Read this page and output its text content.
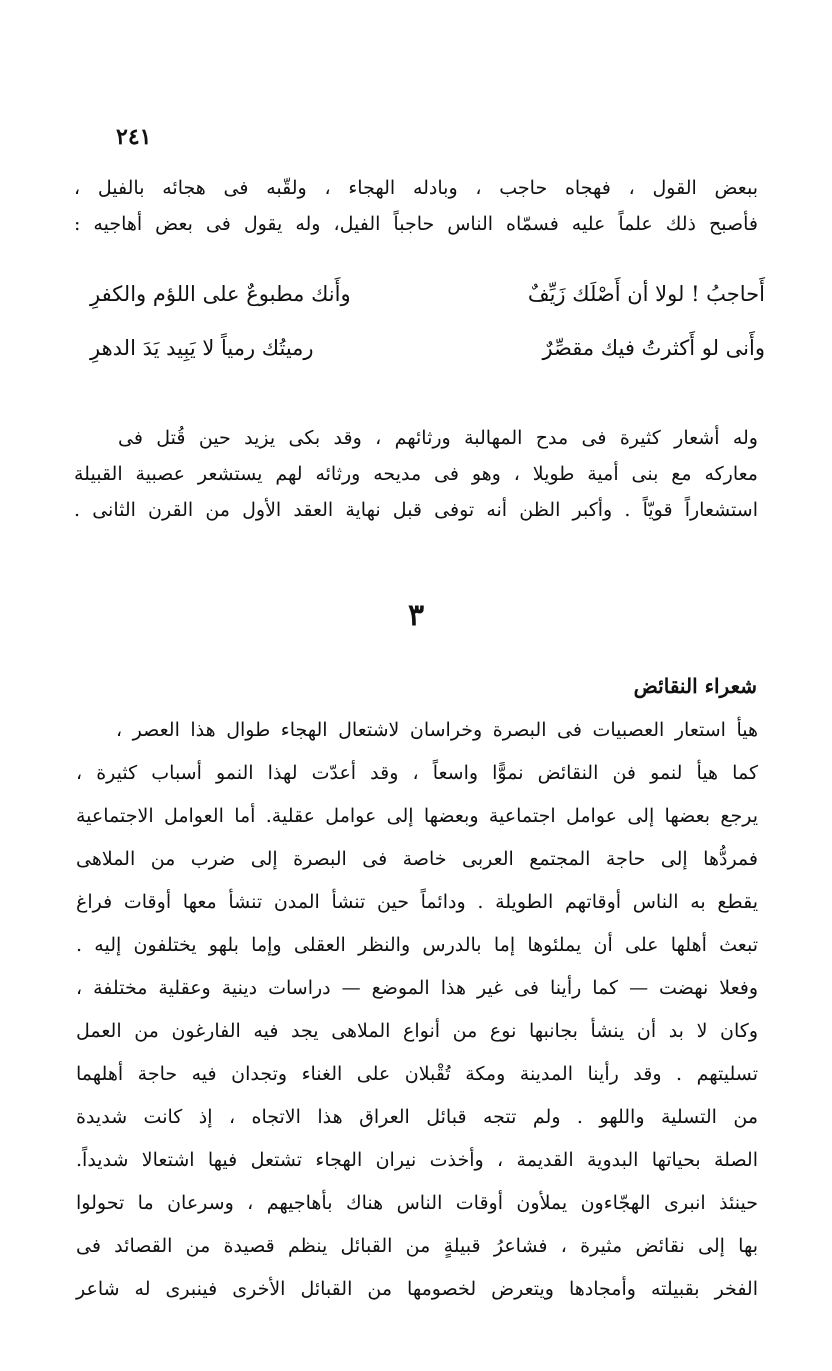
٢٤١
ببعض القول ، فهجاه حاجب ، وبادله الهجاء ، ولقّبه فى هجائه بالفيل ،
فأصبح ذلك علماً عليه فسمّاه الناس حاجباً الفيل، وله يقول فى بعض أهاجيه :
أَحاجبُ ! لولا أن أَصْلَك زَيِّفٌ
وأَنك مطبوعٌ على اللؤم والكفرِ
وأَنى لو أَكثرتُ فيك مقصِّرٌ
رميتُك رمياً لا يَبِيد يَدَ الدهرِ
وله أشعار كثيرة فى مدح المهالبة ورثائهم ، وقد بكى يزيد حين قُتل فى
معاركه مع بنى أمية طويلا ، وهو فى مديحه ورثائه لهم يستشعر عصبية القبيلة
استشعاراً قويّاً . وأكبر الظن أنه توفى قبل نهاية العقد الأول من القرن الثانى .
٣
شعراء النقائض
هيأ استعار العصبيات فى البصرة وخراسان لاشتعال الهجاء طوال هذا العصر ،
كما هيأ لنمو فن النقائض نموًّا واسعاً ، وقد أعدّت لهذا النمو أسباب كثيرة ،
يرجع بعضها إلى عوامل اجتماعية وبعضها إلى عوامل عقلية. أما العوامل الاجتماعية
فمردُّها إلى حاجة المجتمع العربى خاصة فى البصرة إلى ضرب من الملاهى
يقطع به الناس أوقاتهم الطويلة . ودائماً حين تنشأ المدن تنشأ معها أوقات فراغ
تبعث أهلها على أن يملئوها إما بالدرس والنظر العقلى وإما بلهو يختلفون إليه .
وفعلا نهضت — كما رأينا فى غير هذا الموضع — دراسات دينية وعقلية مختلفة ،
وكان لا بد أن ينشأ بجانبها نوع من أنواع الملاهى يجد فيه الفارغون من العمل
تسليتهم . وقد رأينا المدينة ومكة تُقْبلان على الغناء وتجدان فيه حاجة أهلهما
من التسلية واللهو . ولم تتجه قبائل العراق هذا الاتجاه ، إذ كانت شديدة
الصلة بحياتها البدوية القديمة ، وأخذت نيران الهجاء تشتعل فيها اشتعالا شديداً.
حينئذ انبرى الهجّاءون يملأون أوقات الناس هناك بأهاجيهم ، وسرعان ما تحولوا
بها إلى نقائض مثيرة ، فشاعرُ قبيلةٍ من القبائل ينظم قصيدة من القصائد فى
الفخر بقبيلته وأمجادها ويتعرض لخصومها من القبائل الأخرى فينبرى له شاعر
